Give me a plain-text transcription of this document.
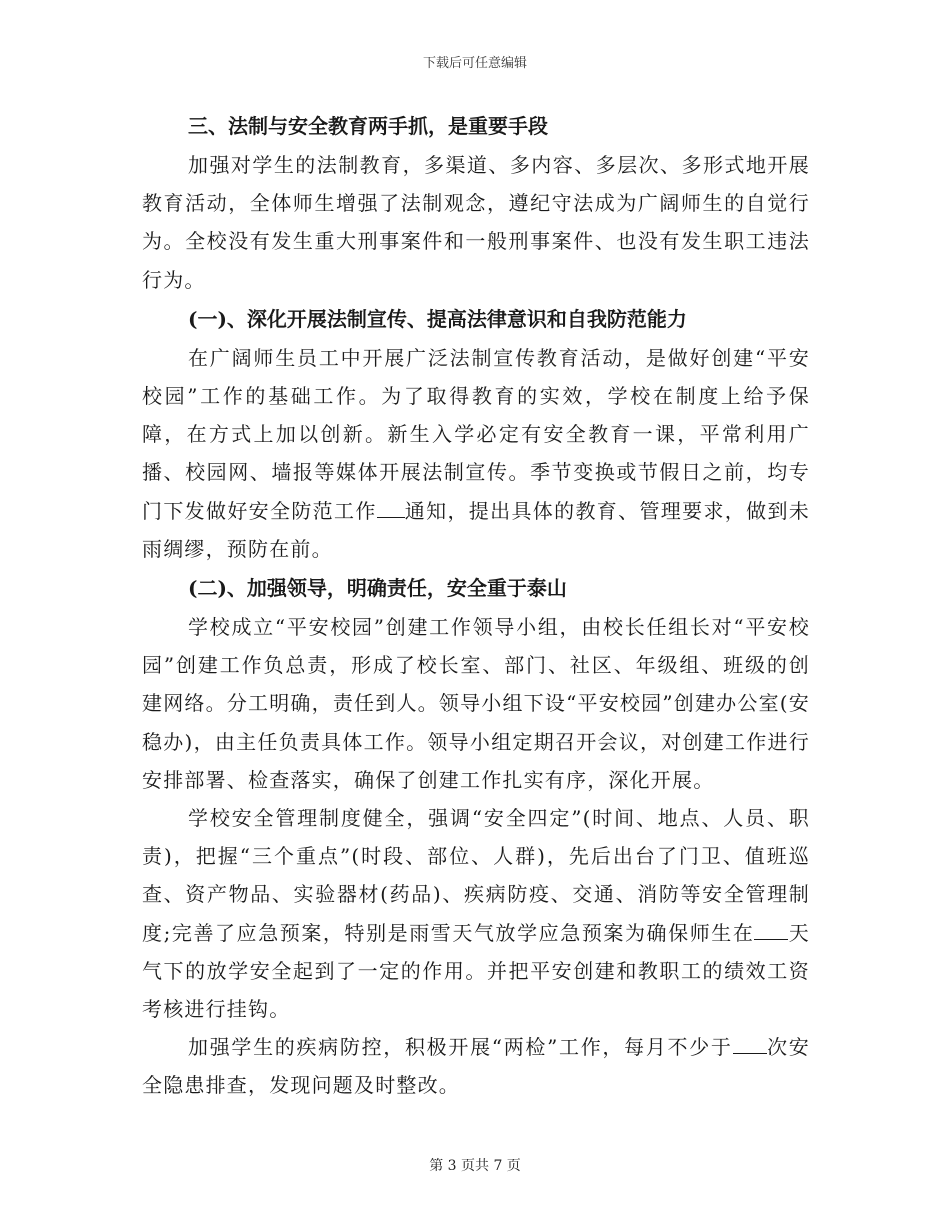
下载后可任意编辑
三、法制与安全教育两手抓，是重要手段

加强对学生的法制教育，多渠道、多内容、多层次、多形式地开展教育活动，全体师生增强了法制观念，遵纪守法成为广阔师生的自觉行为。全校没有发生重大刑事案件和一般刑事案件、也没有发生职工违法行为。

(一)、深化开展法制宣传、提高法律意识和自我防范能力

在广阔师生员工中开展广泛法制宣传教育活动，是做好创建“平安校园”工作的基础工作。为了取得教育的实效，学校在制度上给予保障，在方式上加以创新。新生入学必定有安全教育一课，平常利用广播、校园网、墙报等媒体开展法制宣传。季节变换或节假日之前，均专门下发做好安全防范工作 通知，提出具体的教育、管理要求，做到未雨绸缪，预防在前。

(二)、加强领导，明确责任，安全重于泰山

学校成立“平安校园”创建工作领导小组，由校长任组长对“平安校园”创建工作负总责，形成了校长室、部门、社区、年级组、班级的创建网络。分工明确，责任到人。领导小组下设“平安校园”创建办公室(安稳办)，由主任负责具体工作。领导小组定期召开会议，对创建工作进行安排部署、检查落实，确保了创建工作扎实有序，深化开展。

学校安全管理制度健全，强调“安全四定”(时间、地点、人员、职责)，把握“三个重点”(时段、部位、人群)，先后出台了门卫、值班巡查、资产物品、实验器材(药品)、疾病防疫、交通、消防等安全管理制度;完善了应急预案，特别是雨雪天气放学应急预案为确保师生在 天气下的放学安全起到了一定的作用。并把平安创建和教职工的绩效工资考核进行挂钩。

加强学生的疾病防控，积极开展“两检”工作，每月不少于 次安全隐患排查，发现问题及时整改。

第 3 页共 7 页
